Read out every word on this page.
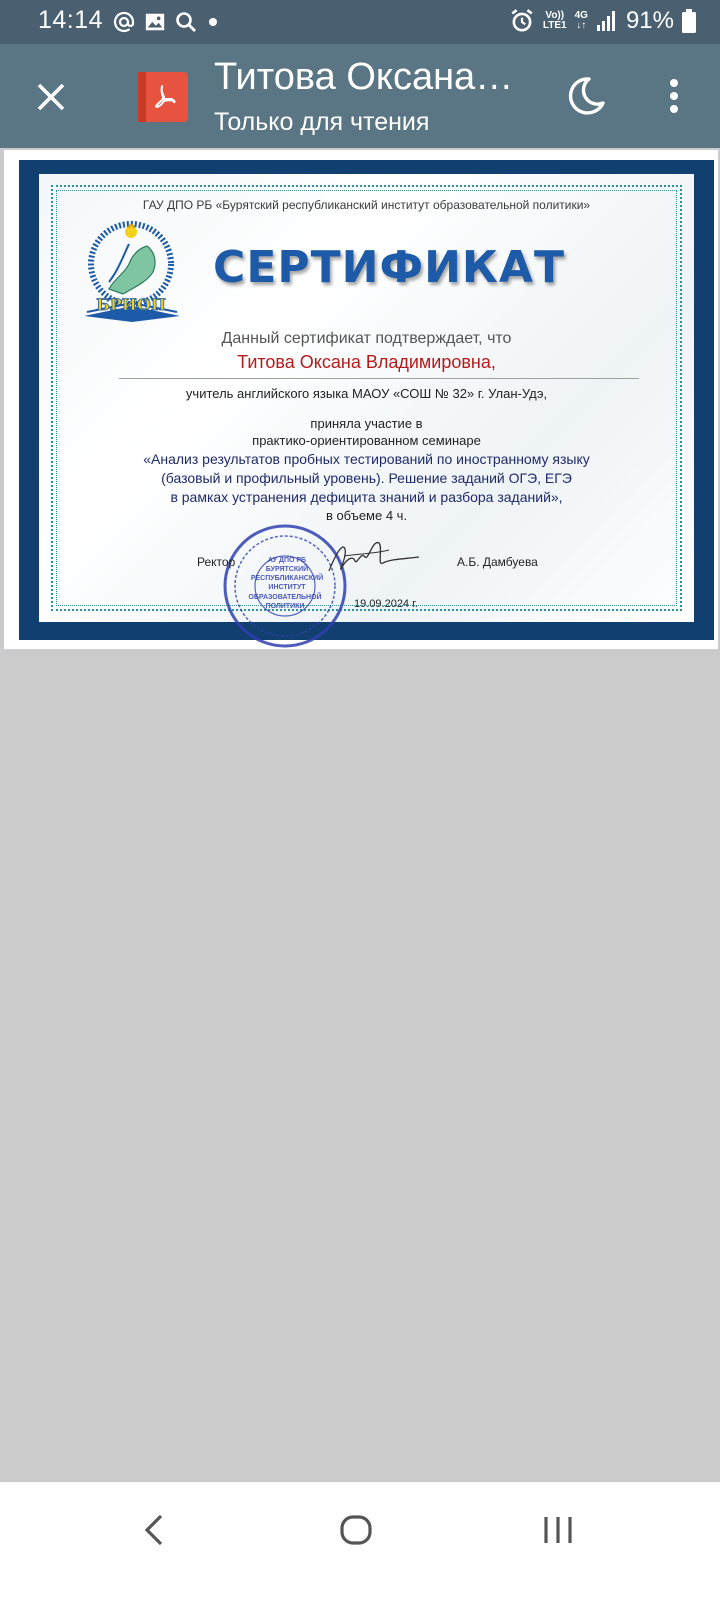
14:14	Vo))
LTE1
4G
↓↑ 91%
Титова Оксана…
Только для чтения
ГАУ ДПО РБ «Бурятский республиканский институт образовательной политики»
БРИОП
СЕРТИФИКАТ
Данный сертификат подтверждает, что
Титова Оксана Владимировна,
учитель английского языка МАОУ «СОШ № 32» г. Улан-Удэ,
приняла участие в
практико-ориентированном семинаре
«Анализ результатов пробных тестирований по иностранному языку
(базовый и профильный уровень). Решение заданий ОГЭ, ЕГЭ
в рамках устранения дефицита знаний и разбора заданий»,
в объеме 4 ч.
АУ ДПО РБ
БУРЯТСКИЙ
РЕСПУБЛИКАНСКИЙ
ИНСТИТУТ
ОБРАЗОВАТЕЛЬНОЙ
ПОЛИТИКИ
Ректор	А.Б. Дамбуева
19.09.2024 г.
